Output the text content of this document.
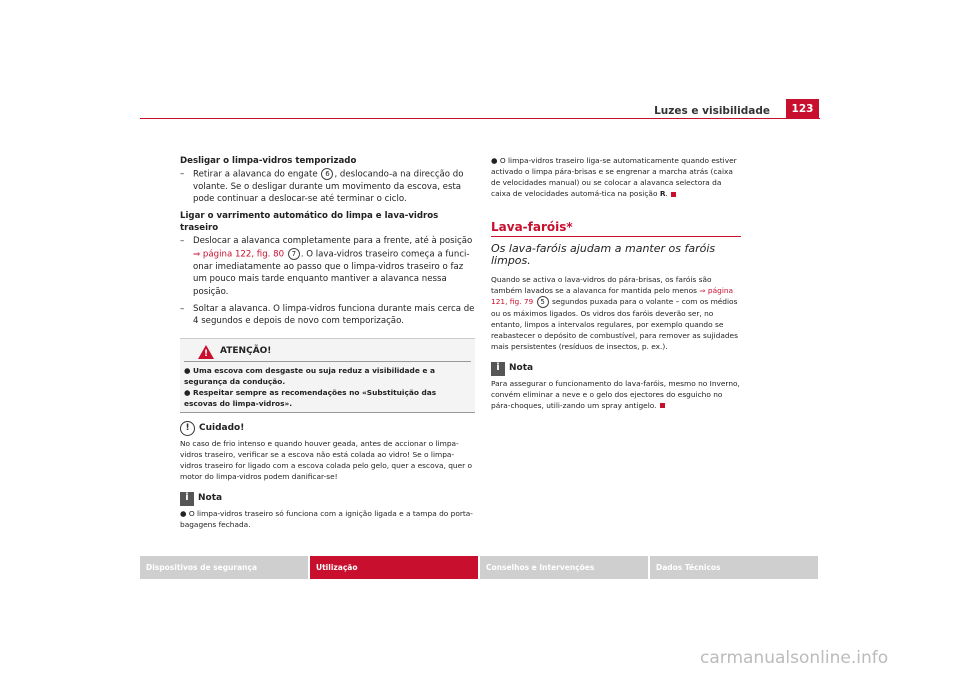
Luzes e visibilidade	123

Desligar o limpa-vidros temporizado

–	Retirar a alavanca do engate 6 , deslocando-a na direcção do volante. Se o desligar durante um movimento da escova, esta pode continuar a deslocar-se até terminar o ciclo.

Ligar o varrimento automático do limpa e lava-vidros traseiro

–	Deslocar a alavanca completamente para a frente, até à posição ⇒ página 122, fig. 80 7 . O lava-vidros traseiro começa a funci-onar imediatamente ao passo que o limpa-vidros traseiro o faz um pouco mais tarde enquanto mantiver a alavanca nessa posição.
–	Soltar a alavanca. O limpa-vidros funciona durante mais cerca de 4 segundos e depois de novo com temporização.
!
ATENÇÃO!

● Uma escova com desgaste ou suja reduz a visibilidade e a segurança da condução.

● Respeitar sempre as recomendações no «Substituição das escovas do limpa-vidros».

!	Cuidado!

No caso de frio intenso e quando houver geada, antes de accionar o limpa-vidros traseiro, verificar se a escova não está colada ao vidro! Se o limpa-vidros traseiro for ligado com a escova colada pelo gelo, quer a escova, quer o motor do limpa-vidros podem danificar-se!

i	Nota

● O limpa-vidros traseiro só funciona com a ignição ligada e a tampa do porta-bagagens fechada.

● O limpa-vidros traseiro liga-se automaticamente quando estiver activado o limpa pára-brisas e se engrenar a marcha atrás (caixa de velocidades manual) ou se colocar a alavanca selectora da caixa de velocidades automá-tica na posição R.

Lava-faróis*
Os lava-faróis ajudam a manter os faróis limpos.

Quando se activa o lava-vidros do pára-brisas, os faróis são também lavados se a alavanca for mantida pelo menos ⇒ página 121, fig. 79 5 segundos puxada para o volante – com os médios ou os máximos ligados. Os vidros dos faróis deverão ser, no entanto, limpos a intervalos regulares, por exemplo quando se reabastecer o depósito de combustível, para remover as sujidades mais persistentes (resíduos de insectos, p. ex.).

i	Nota

Para assegurar o funcionamento do lava-faróis, mesmo no Inverno, convém eliminar a neve e o gelo dos ejectores do esguicho no pára-choques, utili-zando um spray antigelo.

Dispositivos de segurança	Utilização	Conselhos e Intervenções	Dados Técnicos
carmanualsonline.info
